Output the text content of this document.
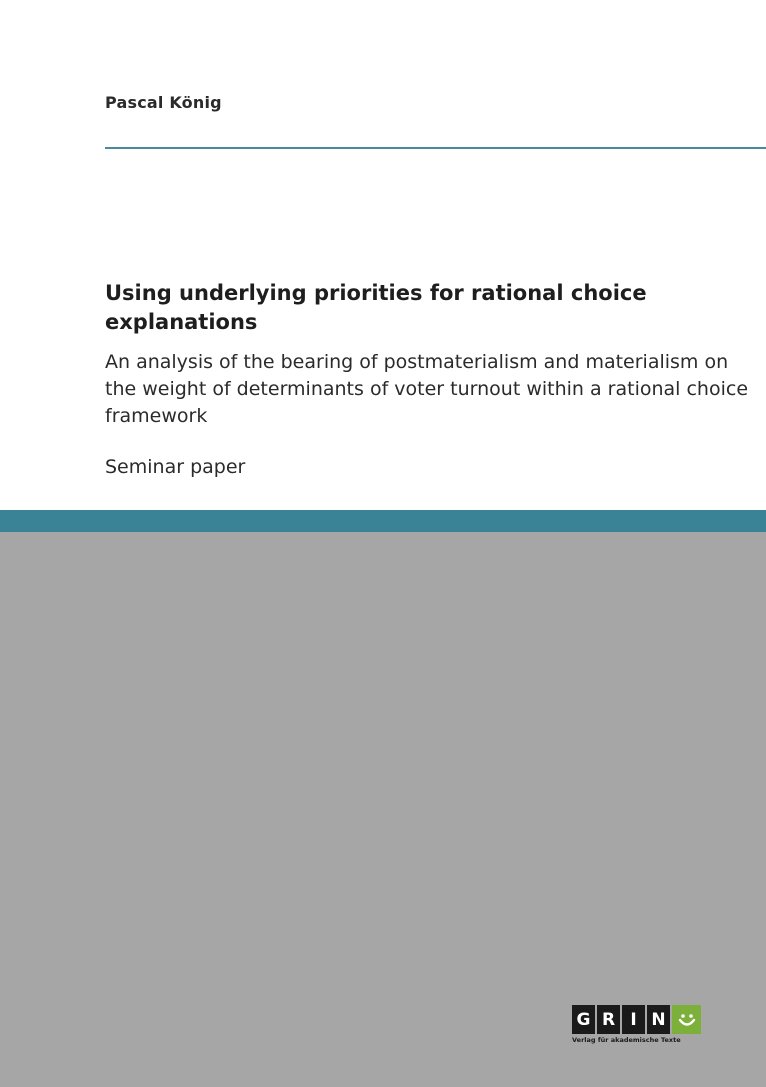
Pascal König
Using underlying priorities for rational choice explanations

An analysis of the bearing of postmaterialism and materialism on the weight of determinants of voter turnout within a rational choice framework

Seminar paper
G R I N
Verlag für akademische Texte
